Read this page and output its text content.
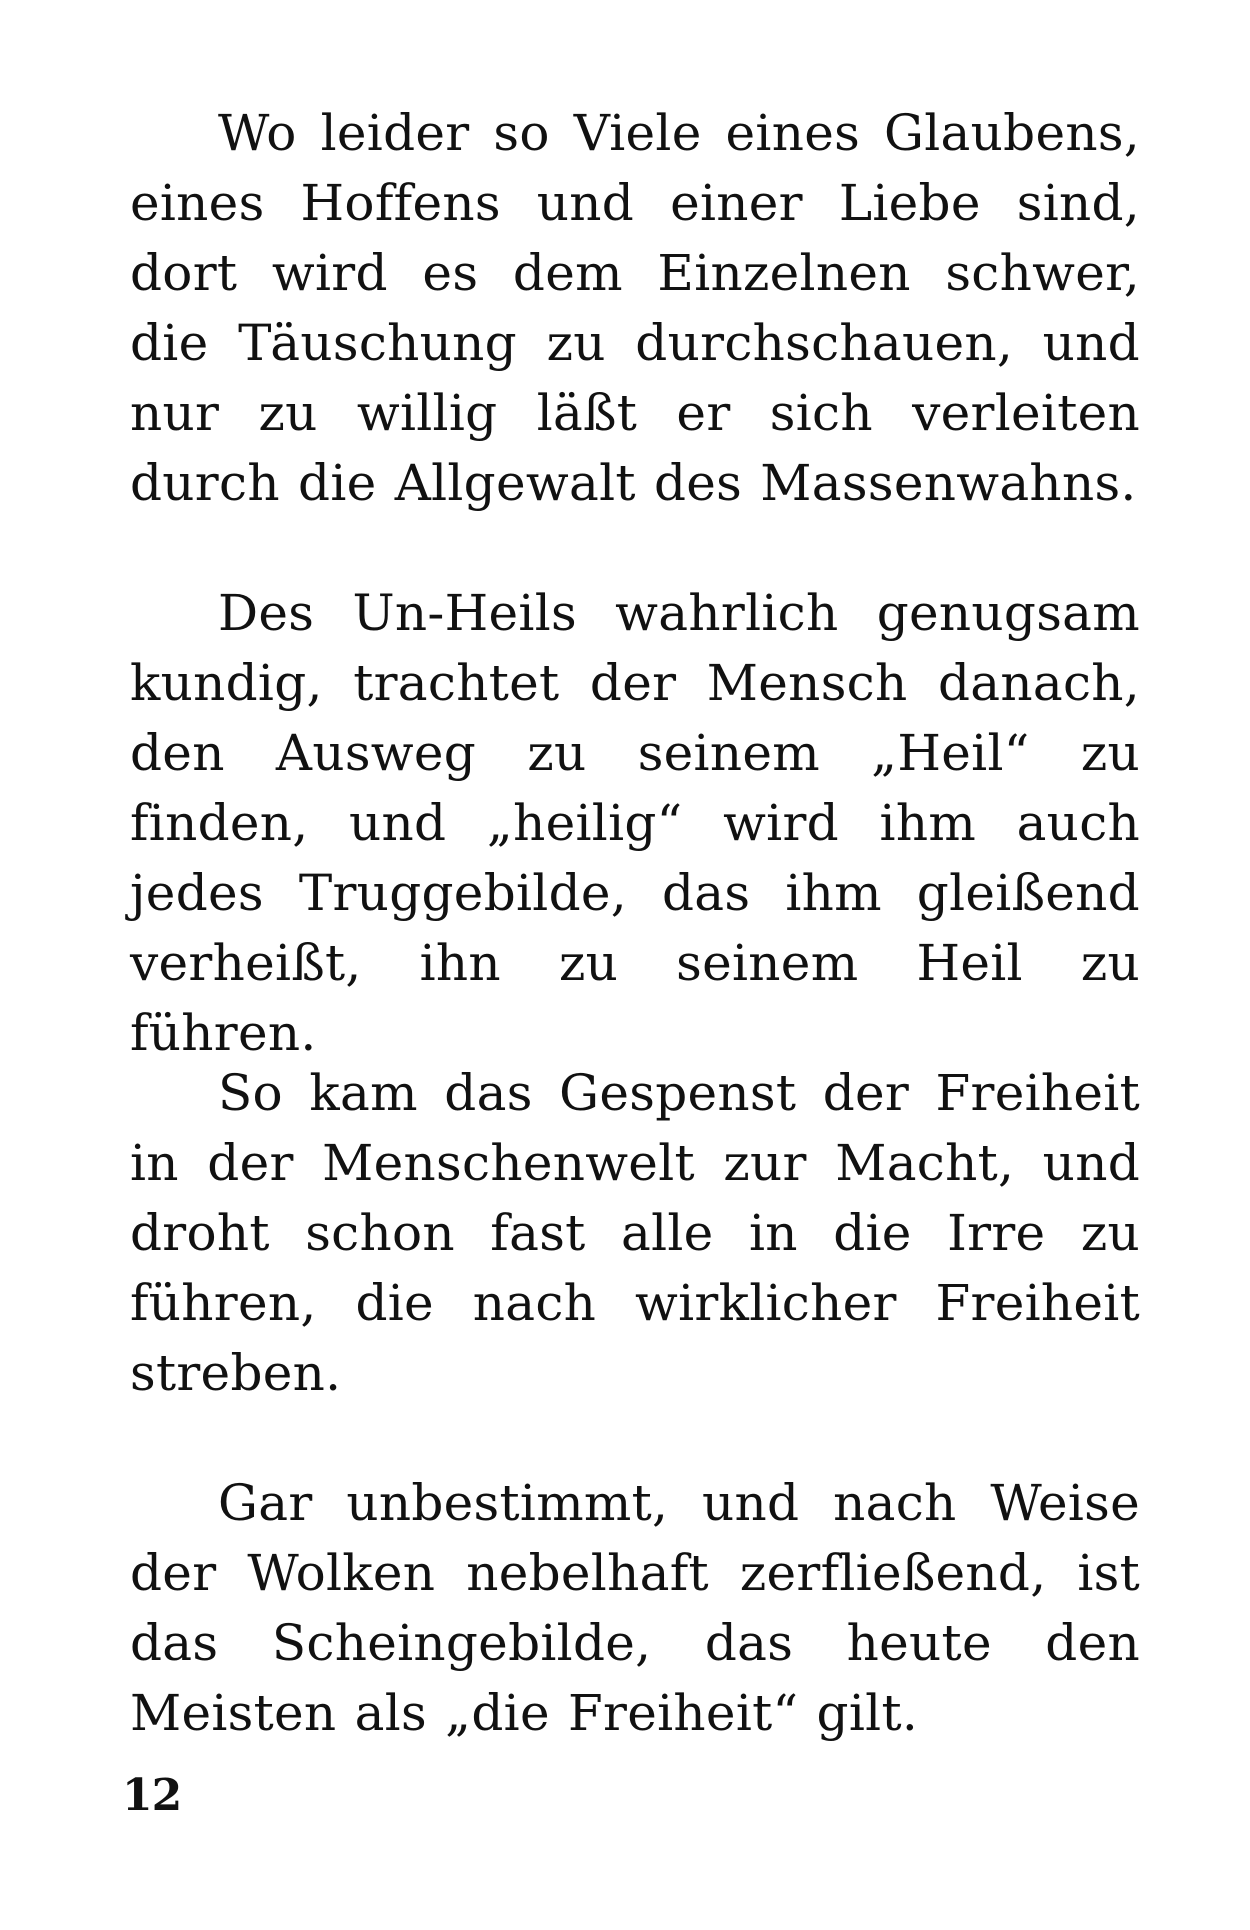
Wo leider so Viele eines Glaubens, eines Hoffens und einer Liebe sind, dort wird es dem Einzelnen schwer, die Täuschung zu durchschauen, und nur zu willig läßt er sich verleiten durch die Allgewalt des Massenwahns.

Des Un-Heils wahrlich genugsam kundig, trachtet der Mensch danach, den Ausweg zu seinem „Heil“ zu finden, und „heilig“ wird ihm auch jedes Truggebilde, das ihm gleißend verheißt, ihn zu seinem Heil zu führen.

So kam das Gespenst der Freiheit in der Menschenwelt zur Macht, und droht schon fast alle in die Irre zu führen, die nach wirklicher Freiheit streben.

Gar unbestimmt, und nach Weise der Wolken nebelhaft zerfließend, ist das Scheingebilde, das heute den Meisten als „die Freiheit“ gilt.

12
